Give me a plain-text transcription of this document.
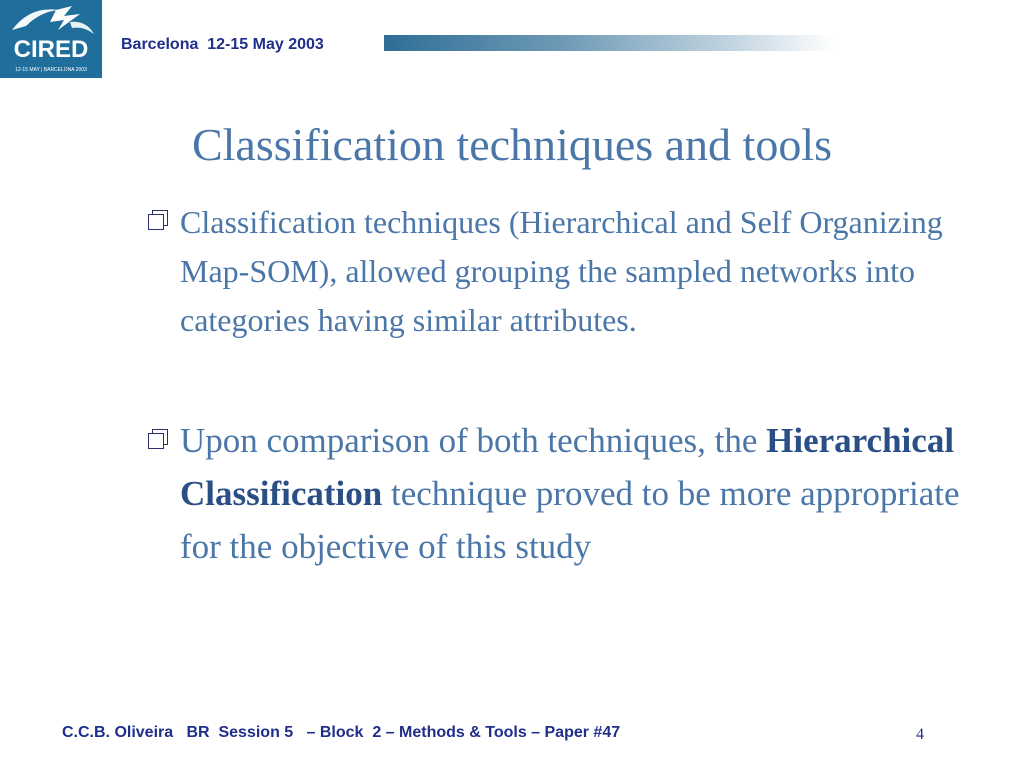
CIRED
12-15 MAY | BARCELONA 2003
Barcelona  12-15 May 2003
Classification techniques and tools
Classification techniques (Hierarchical and Self Organizing Map-SOM), allowed grouping the sampled networks into categories having similar attributes.
Upon comparison of both techniques, the Hierarchical Classification technique proved to be more appropriate for the objective of this study
C.C.B. Oliveira   BR  Session 5   – Block  2 – Methods & Tools – Paper #47	4
